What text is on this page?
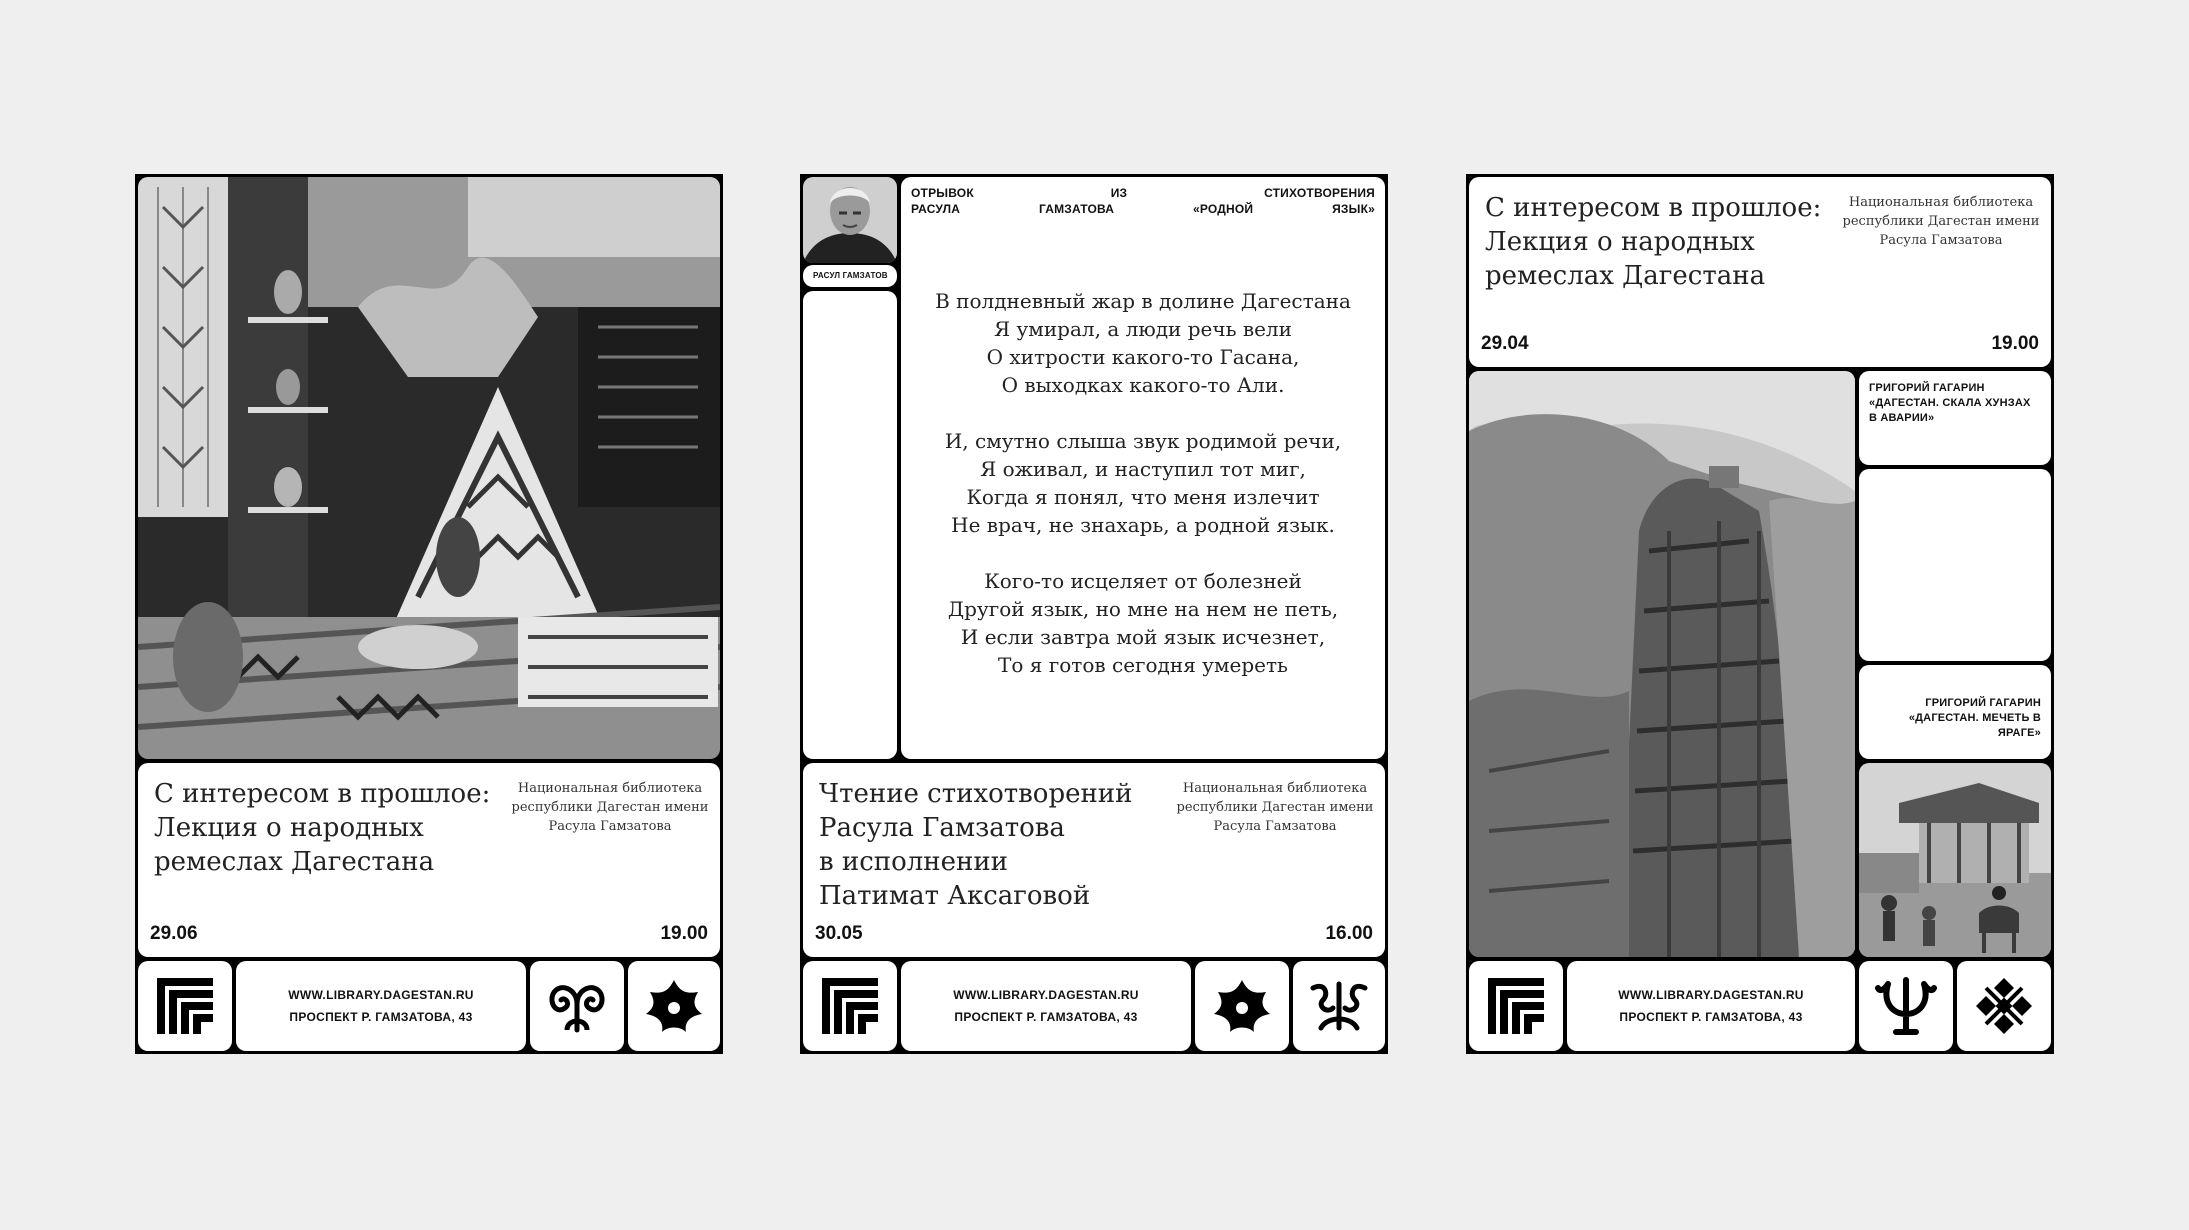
С интересом в прошлое:
Лекция о народных
ремеслах Дагестана
Национальная библиотека
республики Дагестан имени
Расула Гамзатова
29.06	19.00
WWW.LIBRARY.DAGESTAN.RU
ПРОСПЕКТ Р. ГАМЗАТОВА, 43
РАСУЛ ГАМЗАТОВ
ОТРЫВОК	ИЗ	СТИХОТВОРЕНИЯ
РАСУЛА	ГАМЗАТОВА	«РОДНОЙ	ЯЗЫК»
В полдневный жар в долине Дагестана
Я умирал, а люди речь вели
О хитрости какого-то Гасана,
О выходках какого-то Али.
И, смутно слыша звук родимой речи,
Я оживал, и наступил тот миг,
Когда я понял, что меня излечит
Не врач, не знахарь, а родной язык.
Кого-то исцеляет от болезней
Другой язык, но мне на нем не петь,
И если завтра мой язык исчезнет,
То я готов сегодня умереть
Чтение стихотворений
Расула Гамзатова
в исполнении
Патимат Аксаговой
Национальная библиотека
республики Дагестан имени
Расула Гамзатова
30.05	16.00
WWW.LIBRARY.DAGESTAN.RU
ПРОСПЕКТ Р. ГАМЗАТОВА, 43
С интересом в прошлое:
Лекция о народных
ремеслах Дагестана
Национальная библиотека
республики Дагестан имени
Расула Гамзатова
29.04	19.00
ГРИГОРИЙ ГАГАРИН
«ДАГЕСТАН. СКАЛА ХУНЗАХ
В АВАРИИ»
ГРИГОРИЙ ГАГАРИН
«ДАГЕСТАН. МЕЧЕТЬ В ЯРАГЕ»
WWW.LIBRARY.DAGESTAN.RU
ПРОСПЕКТ Р. ГАМЗАТОВА, 43
